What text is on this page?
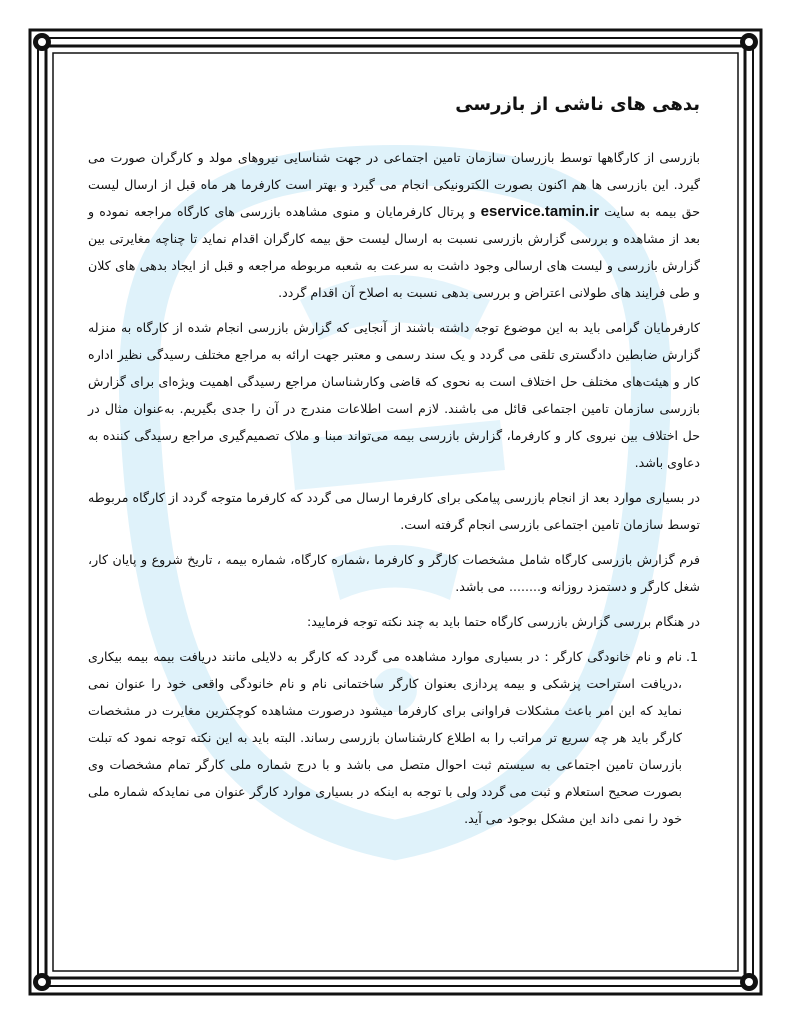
بدهی های ناشی از بازرسی

بازرسی از کارگاهها توسط بازرسان سازمان تامین اجتماعی در جهت شناسایی نیروهای مولد و کارگران صورت می گیرد. این بازرسی ها هم اکنون بصورت الکترونیکی انجام می گیرد و بهتر است کارفرما هر ماه قبل از ارسال لیست حق بیمه به سایت eservice.tamin.ir و پرتال کارفرمایان و منوی مشاهده بازرسی های کارگاه مراجعه نموده و بعد از مشاهده و بررسی گزارش بازرسی نسبت به ارسال لیست حق بیمه کارگران اقدام نماید تا چناچه مغایرتی بین گزارش بازرسی و لیست های ارسالی وجود داشت به سرعت به شعبه مربوطه مراجعه و قبل از ایجاد بدهی های کلان و طی فرایند های طولانی اعتراض و بررسی بدهی نسبت به اصلاح آن اقدام گردد.

کارفرمایان گرامی باید به این موضوع توجه داشته باشند از آنجایی که گزارش بازرسی انجام شده از کارگاه به منزله گزارش ضابطین دادگستری تلقی می گردد و یک سند رسمی و معتبر جهت ارائه به مراجع مختلف رسیدگی نظیر اداره کار و هیئت‌های مختلف حل اختلاف است به نحوی که قاضی وکارشناسان مراجع رسیدگی اهمیت ویژه‌ای برای گزارش بازرسی سازمان تامین اجتماعی قائل می باشند. لازم است اطلاعات مندرج در آن را جدی بگیریم. به‌عنوان مثال در حل اختلاف بین نیروی کار و کارفرما، گزارش بازرسی بیمه می‌تواند مبنا و ملاک تصمیم‌گیری مراجع رسیدگی کننده به دعاوی باشد.

در بسیاری موارد بعد از انجام بازرسی پیامکی برای کارفرما ارسال می گردد که کارفرما متوجه گردد از کارگاه مربوطه توسط سازمان تامین اجتماعی بازرسی انجام گرفته است.

فرم گزارش بازرسی کارگاه شامل مشخصات کارگر و کارفرما ،شماره کارگاه، شماره بیمه ، تاریخ شروع و پایان کار، شغل کارگر و دستمزد روزانه و........ می باشد.

در هنگام بررسی گزارش بازرسی کارگاه حتما باید به چند نکته توجه فرمایید:

1. نام و نام خانودگی کارگر : در بسیاری موارد مشاهده می گردد که کارگر به دلایلی مانند دریافت بیمه بیمه بیکاری ،دریافت استراحت پزشکی و بیمه پردازی بعنوان کارگر ساختمانی نام و نام خانودگی واقعی خود را عنوان نمی نماید که این امر باعث مشکلات فراوانی برای کارفرما میشود درصورت مشاهده کوچکترین مغایرت در مشخصات کارگر باید هر چه سریع تر مراتب را به اطلاع کارشناسان بازرسی رساند. البته باید به این نکته توجه نمود که تبلت بازرسان تامین اجتماعی به سیستم ثبت احوال متصل می باشد و با درج شماره ملی کارگر تمام مشخصات وی بصورت صحیح استعلام و ثبت می گردد ولی با توجه به اینکه در بسیاری موارد کارگر عنوان می نمایدکه شماره ملی خود را نمی داند این مشکل بوجود می آید.
